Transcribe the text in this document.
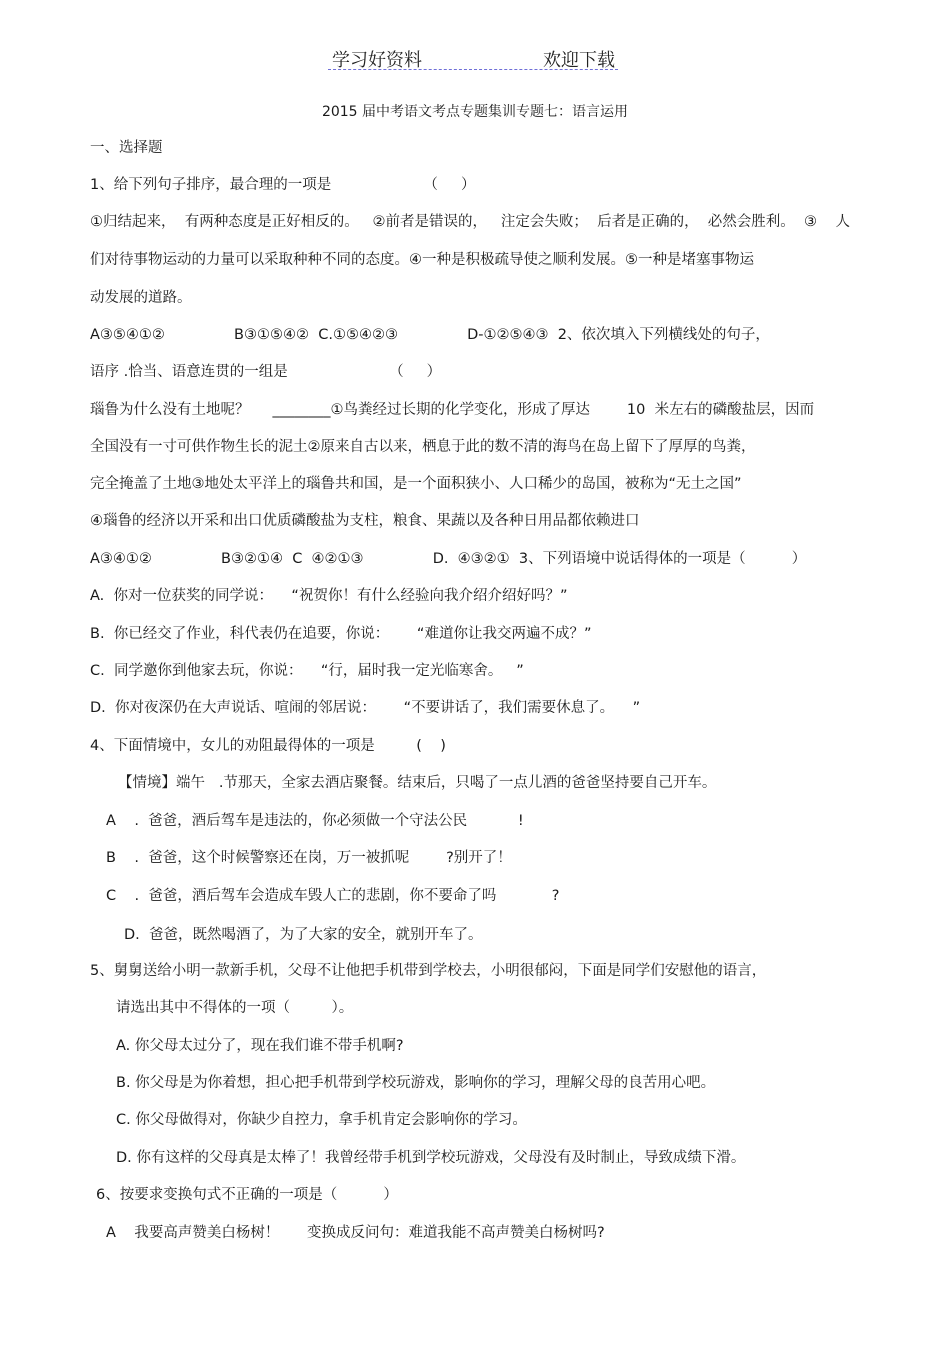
学习好资料	欢迎下载
2015 届中考语文考点专题集训专题七：语言运用
一、选择题
1、给下列句子排序，最合理的一项是                    （     ）
①归结起来，  有两种态度是正好相反的。   ②前者是错误的，   注定会失败；  后者是正确的，  必然会胜利。  ③    人
们对待事物运动的力量可以采取种种不同的态度。④一种是积极疏导使之顺利发展。⑤一种是堵塞事物运
动发展的道路。
A③⑤④①②               B③①⑤④②  C.①⑤④②③               D-①②⑤④③  2、依次填入下列横线处的句子，
语序 .恰当、语意连贯的一组是                      （     ）
瑙鲁为什么没有土地呢？     ________①鸟粪经过长期的化学变化，形成了厚达        10  米左右的磷酸盐层，因而
全国没有一寸可供作物生长的泥土②原来自古以来，栖息于此的数不清的海鸟在岛上留下了厚厚的鸟粪，
完全掩盖了土地③地处太平洋上的瑙鲁共和国，是一个面积狭小、人口稀少的岛国，被称为“无土之国”
④瑙鲁的经济以开采和出口优质磷酸盐为支柱，粮食、果蔬以及各种日用品都依赖进口
A③④①②               B③②①④  C  ④②①③               D.  ④③②①  3、下列语境中说话得体的一项是（          ）
A.  你对一位获奖的同学说：    “祝贺你！有什么经验向我介绍介绍好吗？”
B.  你已经交了作业，科代表仍在追要，你说：      “难道你让我交两遍不成？”
C.  同学邀你到他家去玩，你说：    “行，届时我一定光临寒舍。   ”
D.  你对夜深仍在大声说话、喧闹的邻居说：      “不要讲话了，我们需要休息了。    ”
4、下面情境中，女儿的劝阻最得体的一项是         (    )
【情境】端午   .节那天，全家去酒店聚餐。结束后，只喝了一点儿酒的爸爸坚持要自己开车。
A    .  爸爸，酒后驾车是违法的，你必须做一个守法公民           !
B    .  爸爸，这个时候警察还在岗，万一被抓呢        ?别开了！
C    .  爸爸，酒后驾车会造成车毁人亡的悲剧，你不要命了吗            ?
D.  爸爸，既然喝酒了，为了大家的安全，就别开车了。
5、舅舅送给小明一款新手机，父母不让他把手机带到学校去，小明很郁闷，下面是同学们安慰他的语言，
请选出其中不得体的一项（         ）。
A. 你父母太过分了，现在我们谁不带手机啊?
B. 你父母是为你着想，担心把手机带到学校玩游戏，影响你的学习，理解父母的良苦用心吧。
C. 你父母做得对，你缺少自控力，拿手机肯定会影响你的学习。
D. 你有这样的父母真是太棒了！我曾经带手机到学校玩游戏，父母没有及时制止，导致成绩下滑。
6、按要求变换句式不正确的一项是（          ）
A    我要高声赞美白杨树！      变换成反问句：难道我能不高声赞美白杨树吗?
